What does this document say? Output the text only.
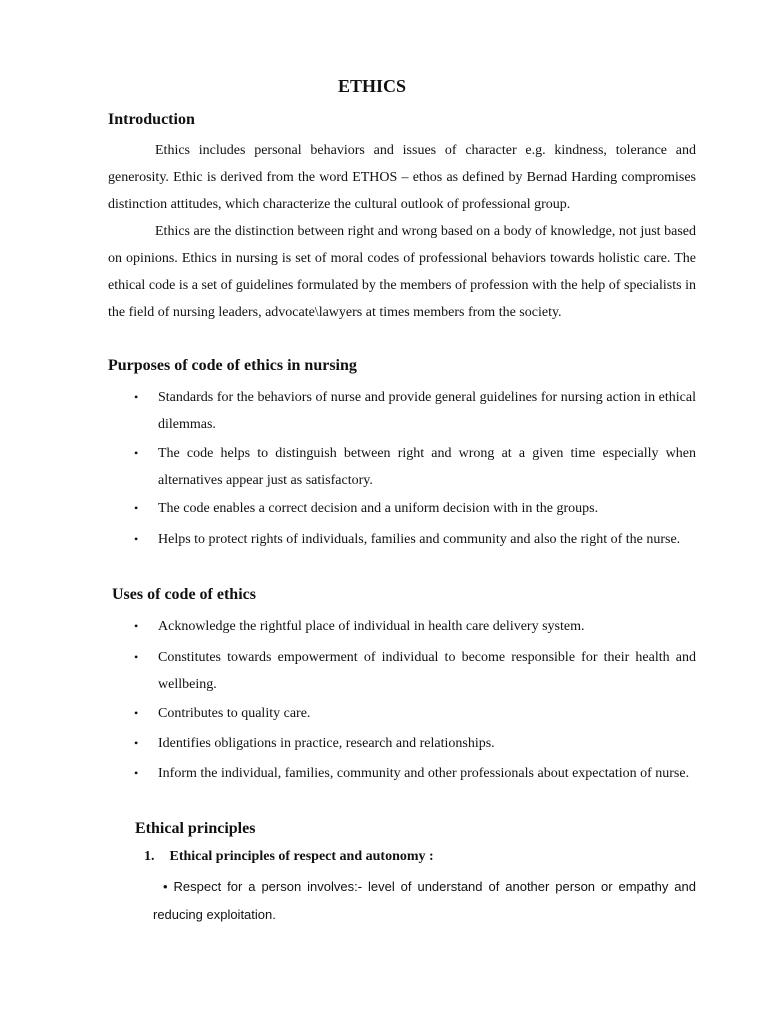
ETHICS
Introduction

Ethics includes personal behaviors and issues of character e.g. kindness, tolerance and generosity. Ethic is derived from the word ETHOS – ethos as defined by Bernad Harding compromises distinction attitudes, which characterize the cultural outlook of professional group.

Ethics are the distinction between right and wrong based on a body of knowledge, not just based on opinions. Ethics in nursing is set of moral codes of professional behaviors towards holistic care. The ethical code is a set of guidelines formulated by the members of profession with the help of specialists in the field of nursing leaders, advocate\lawyers at times members from the society.

Purposes of code of ethics in nursing
• Standards for the behaviors of nurse and provide general guidelines for nursing action in ethical dilemmas.
• The code helps to distinguish between right and wrong at a given time especially when alternatives appear just as satisfactory.
• The code enables a correct decision and a uniform decision with in the groups.
• Helps to protect rights of individuals, families and community and also the right of the nurse.
Uses of code of ethics
• Acknowledge the rightful place of individual in health care delivery system.
• Constitutes towards empowerment of individual to become responsible for their health and wellbeing.
• Contributes to quality care.
• Identifies obligations in practice, research and relationships.
• Inform the individual, families, community and other professionals about expectation of nurse.
Ethical principles

1. Ethical principles of respect and autonomy :

• Respect for a person involves:- level of understand of another person or empathy and reducing exploitation.
